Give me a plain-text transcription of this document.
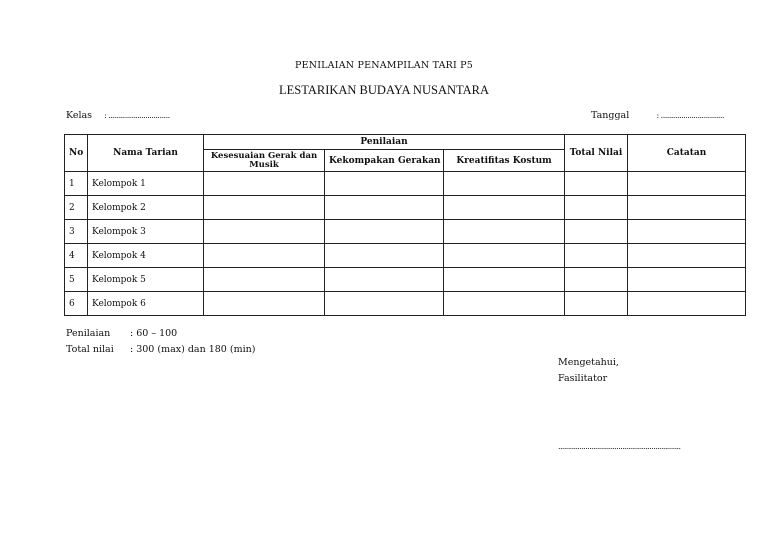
PENILAIAN PENAMPILAN TARI P5
LESTARIKAN BUDAYA NUSANTARA
Kelas : ..............................	Tanggal	: ...............................
No	Nama Tarian	Penilaian			Total Nilai	Catatan
		Kesesuaian Gerak dan Musik	Kekompakan Gerakan	Kreatifitas Kostum		
1	Kelompok 1					
2	Kelompok 2					
3	Kelompok 3					
4	Kelompok 4					
5	Kelompok 5					
6	Kelompok 6					
Penilaian : 60 – 100
Total nilai : 300 (max) dan 180 (min)
Mengetahui,
Fasilitator
...............................................................
